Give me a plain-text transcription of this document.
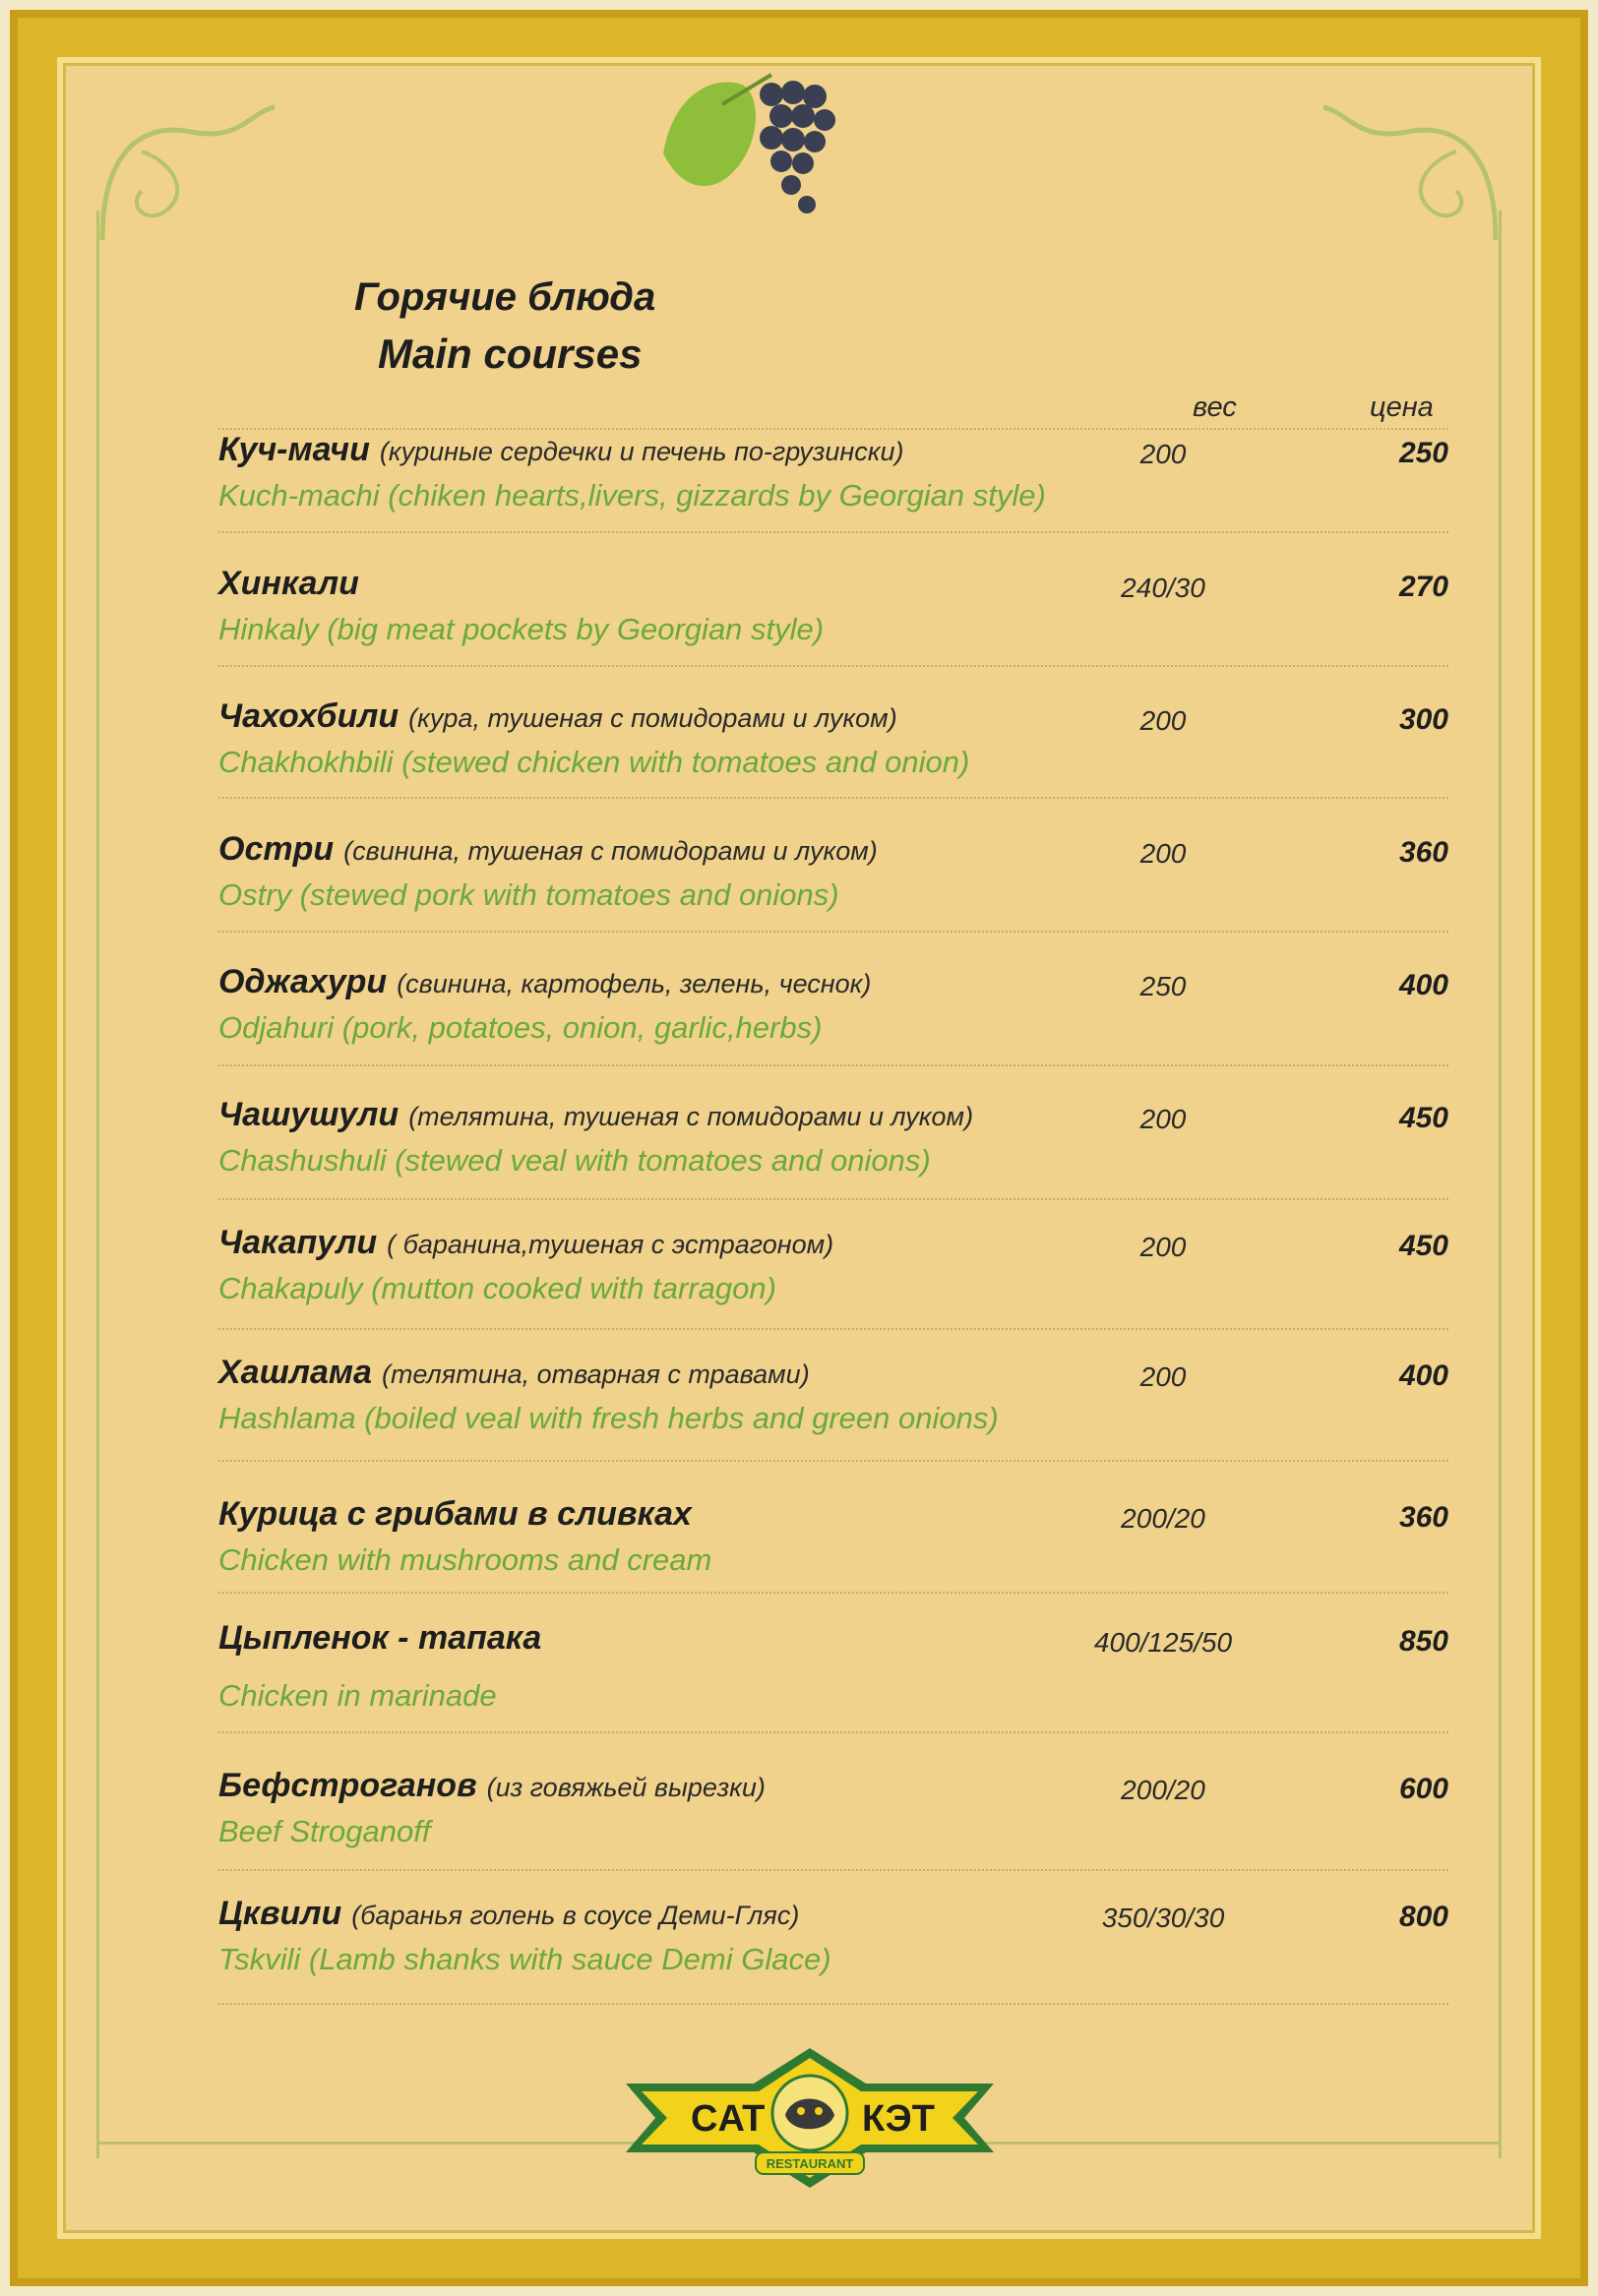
Горячие блюда
Main courses
вес	цена
Куч-мачи (куриные сердечки и печень по-грузински)	200	250
Kuch-machi (chiken hearts,livers, gizzards by Georgian style)
Хинкали	240/30	270
Hinkaly (big meat pockets by Georgian style)
Чахохбили (кура, тушеная с помидорами и луком)	200	300
Chakhokhbili (stewed chicken with tomatoes and onion)
Остри (свинина, тушеная с помидорами и луком)	200	360
Ostry (stewed pork with tomatoes and onions)
Оджахури (свинина, картофель, зелень, чеснок)	250	400
Odjahuri (pork, potatoes, onion, garlic,herbs)
Чашушули (телятина, тушеная с помидорами и луком)	200	450
Chashushuli (stewed veal with tomatoes and onions)
Чакапули ( баранина,тушеная с эстрагоном)	200	450
Chakapuly (mutton cooked with tarragon)
Хашлама (телятина, отварная с травами)	200	400
Hashlama (boiled veal with fresh herbs and green onions)
Курица с грибами в сливках	200/20	360
Chicken with mushrooms and cream
Цыпленок - тапака	400/125/50	850
Chicken in marinade
Бефстроганов (из говяжьей вырезки)	200/20	600
Beef Stroganoff
Цквили (баранья голень в соусе Деми-Гляс)	350/30/30	800
Tskvili (Lamb shanks with sauce Demi Glace)
CAT	КЭТ
RESTAURANT
